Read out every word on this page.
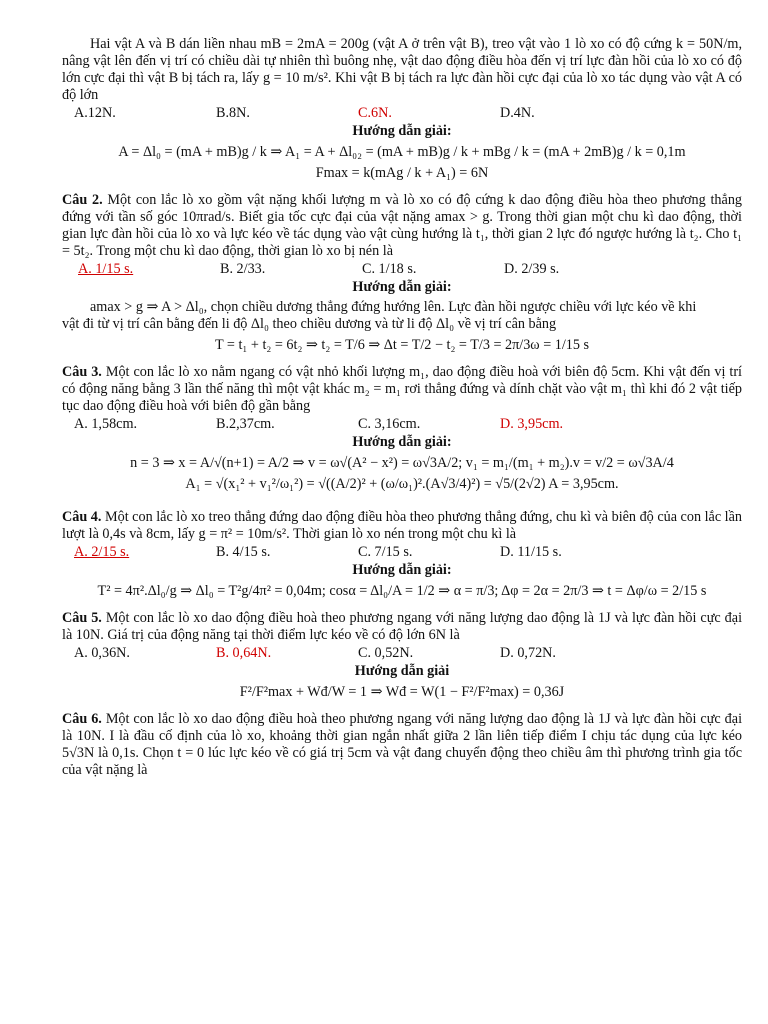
Hai vật A và B dán liền nhau mB = 2mA = 200g (vật A ở trên vật B), treo vật vào 1 lò xo có độ cứng k = 50N/m, nâng vật lên đến vị trí có chiều dài tự nhiên thì buông nhẹ, vật dao động điều hòa đến vị trí lực đàn hồi của lò xo có độ lớn cực đại thì vật B bị tách ra, lấy g = 10 m/s². Khi vật B bị tách ra lực đàn hồi cực đại của lò xo tác dụng vào vật A có độ lớn

A.12N.	B.8N.	C.6N.	D.4N.
Hướng dẫn giải:
A = Δl₀ = (mA + mB)g / k ⇒ A₁ = A + Δl₀₂ = (mA + mB)g / k + mBg / k = (mA + 2mB)g / k = 0,1m
Fmax = k(mAg / k + A₁) = 6N

Câu 2. Một con lắc lò xo gồm vật nặng khối lượng m và lò xo có độ cứng k dao động điều hòa theo phương thẳng đứng với tần số góc 10πrad/s. Biết gia tốc cực đại của vật nặng amax > g. Trong thời gian một chu kì dao động, thời gian lực đàn hồi của lò xo và lực kéo về tác dụng vào vật cùng hướng là t₁, thời gian 2 lực đó ngược hướng là t₂. Cho t₁ = 5t₂. Trong một chu kì dao động, thời gian lò xo bị nén là

A. 1/15 s.	B. 2/33.	C. 1/18 s.	D. 2/39 s.
Hướng dẫn giải:

amax > g ⇒ A > Δl₀, chọn chiều dương thẳng đứng hướng lên. Lực đàn hồi ngược chiều với lực kéo về khi

vật đi từ vị trí cân bằng đến li độ Δl₀ theo chiều dương và từ li độ Δl₀ về vị trí cân bằng

T = t₁ + t₂ = 6t₂ ⇒ t₂ = T/6 ⇒ Δt = T/2 − t₂ = T/3 = 2π/3ω = 1/15 s

Câu 3. Một con lắc lò xo nằm ngang có vật nhỏ khối lượng m₁, dao động điều hoà với biên độ 5cm. Khi vật đến vị trí có động năng bằng 3 lần thế năng thì một vật khác m₂ = m₁ rơi thẳng đứng và dính chặt vào vật m₁ thì khi đó 2 vật tiếp tục dao động điều hoà với biên độ gần bằng

A. 1,58cm.	B.2,37cm.	C. 3,16cm.	D. 3,95cm.
Hướng dẫn giải:
n = 3 ⇒ x = A/√(n+1) = A/2 ⇒ v = ω√(A² − x²) = ω√3A/2; v₁ = m₁/(m₁ + m₂).v = v/2 = ω√3A/4
A₁ = √(x₁² + v₁²/ω₁²) = √((A/2)² + (ω/ω₁)².(A√3/4)²) = √5/(2√2) A = 3,95cm.

Câu 4. Một con lắc lò xo treo thẳng đứng dao động điều hòa theo phương thẳng đứng, chu kì và biên độ của con lắc lần lượt là 0,4s và 8cm, lấy g = π² = 10m/s². Thời gian lò xo nén trong một chu kì là

A. 2/15 s.	B. 4/15 s.	C. 7/15 s.	D. 11/15 s.
Hướng dẫn giải:
T² = 4π².Δl₀/g ⇒ Δl₀ = T²g/4π² = 0,04m; cosα = Δl₀/A = 1/2 ⇒ α = π/3; Δφ = 2α = 2π/3 ⇒ t = Δφ/ω = 2/15 s

Câu 5. Một con lắc lò xo dao động điều hoà theo phương ngang với năng lượng dao động là 1J và lực đàn hồi cực đại là 10N. Giá trị của động năng tại thời điểm lực kéo về có độ lớn 6N là

A. 0,36N.	B. 0,64N.	C. 0,52N.	D. 0,72N.
Hướng dẫn giải
F²/F²max + Wđ/W = 1 ⇒ Wđ = W(1 − F²/F²max) = 0,36J

Câu 6. Một con lắc lò xo dao động điều hoà theo phương ngang với năng lượng dao động là 1J và lực đàn hồi cực đại là 10N. I là đầu cố định của lò xo, khoảng thời gian ngắn nhất giữa 2 lần liên tiếp điểm I chịu tác dụng của lực kéo 5√3N là 0,1s. Chọn t = 0 lúc lực kéo về có giá trị 5cm và vật đang chuyển động theo chiều âm thì phương trình gia tốc của vật nặng là
